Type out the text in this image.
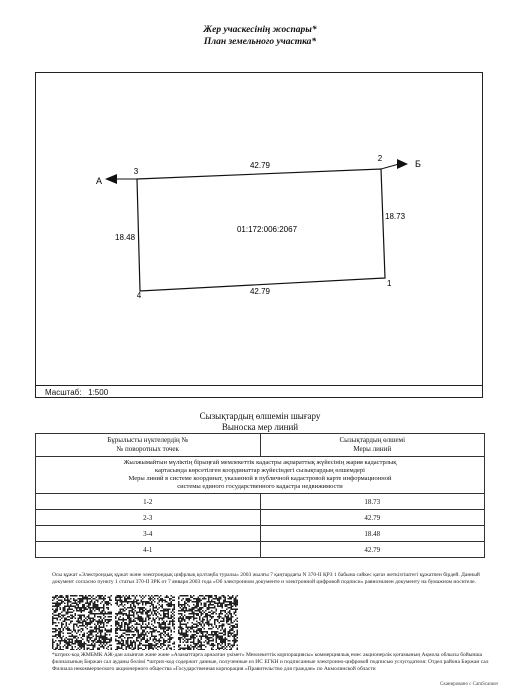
Жер учаскесінің жоспары*
План земельного участка*
А
Б
3
2
1
4
42.79
42.79
18.48
18.73
01:172:006:2067
Масштаб: 1:500
Сызықтардың өлшемін шығару
Выноска мер линий
Бұрылысты нүктелердің №
№ поворотных точек	Сызықтардың өлшемі
Меры линий
Жылжымайтын мүліктің бірыңғай мемлекеттік кадастры ақпараттық жүйесінің жария кадастрлық
картасында көрсетілген координаттар жүйесіндегі сызықтардың өлшемдері
Меры линий в системе координат, указанной в публичной кадастровой карте информационной
системы единого государственного кадастра недвижимости	
1-2	18.73
2-3	42.79
3-4	18.48
4-1	42.79
Осы құжат «Электрондық құжат және электрондық цифрлық қолтаңба туралы» 2003 жылғы 7 қаңтардағы N 370-II ҚРЗ 1 бабына сәйкес қағаз жеткізгіштегі құжатпен бірдей. Данный документ согласно пункту 1 статьи 370-II ЗРК от 7 января 2003 года «Об электронном документе и электронной цифровой подписи» равнозначен документу на бумажном носителе.
*штрих-код ЖМБМК АЖ-дан алынған және және «Азаматтарға арналған үкімет» Мемлекеттік корпорациясы» коммерциялық емес акционерлік қоғамының Ақмола облысы бойынша филиалының Биржан сал ауданы бөлімі *штрих-код содержит данные, полученные из ИС ЕГКН и подписанные электронно-цифровой подписью услугодателя: Отдел района Биржан сал Филиала некоммерческого акционерного общества «Государственная корпорация «Правительство для граждан» по Акмолинской области
Сканировано с CamScanner
